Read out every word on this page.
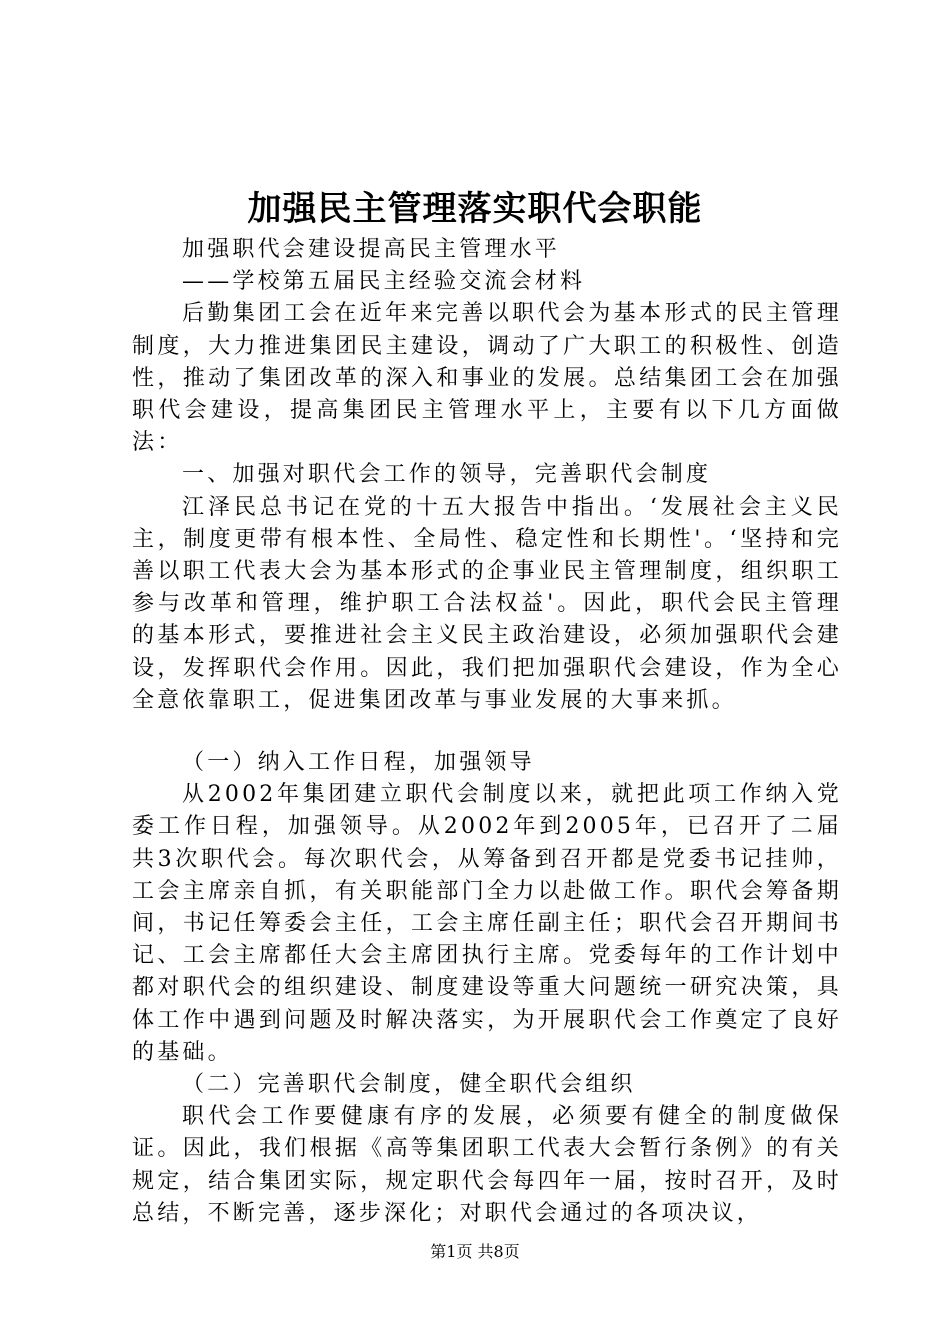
加强民主管理落实职代会职能

加强职代会建设提高民主管理水平

——学校第五届民主经验交流会材料

后勤集团工会在近年来完善以职代会为基本形式的民主管理制度，大力推进集团民主建设，调动了广大职工的积极性、创造性，推动了集团改革的深入和事业的发展。总结集团工会在加强职代会建设，提高集团民主管理水平上，主要有以下几方面做法：

一、加强对职代会工作的领导，完善职代会制度

江泽民总书记在党的十五大报告中指出。‘发展社会主义民主，制度更带有根本性、全局性、稳定性和长期性'。‘坚持和完善以职工代表大会为基本形式的企事业民主管理制度，组织职工参与改革和管理，维护职工合法权益'。因此，职代会民主管理的基本形式，要推进社会主义民主政治建设，必须加强职代会建设，发挥职代会作用。因此，我们把加强职代会建设，作为全心全意依靠职工，促进集团改革与事业发展的大事来抓。

（一）纳入工作日程，加强领导

从2002年集团建立职代会制度以来，就把此项工作纳入党委工作日程，加强领导。从2002年到2005年，已召开了二届共3次职代会。每次职代会，从筹备到召开都是党委书记挂帅，工会主席亲自抓，有关职能部门全力以赴做工作。职代会筹备期间，书记任筹委会主任，工会主席任副主任；职代会召开期间书记、工会主席都任大会主席团执行主席。党委每年的工作计划中都对职代会的组织建设、制度建设等重大问题统一研究决策，具体工作中遇到问题及时解决落实，为开展职代会工作奠定了良好的基础。

（二）完善职代会制度，健全职代会组织

职代会工作要健康有序的发展，必须要有健全的制度做保证。因此，我们根据《高等集团职工代表大会暂行条例》的有关规定，结合集团实际，规定职代会每四年一届，按时召开，及时总结，不断完善，逐步深化；对职代会通过的各项决议，

第1页 共8页
